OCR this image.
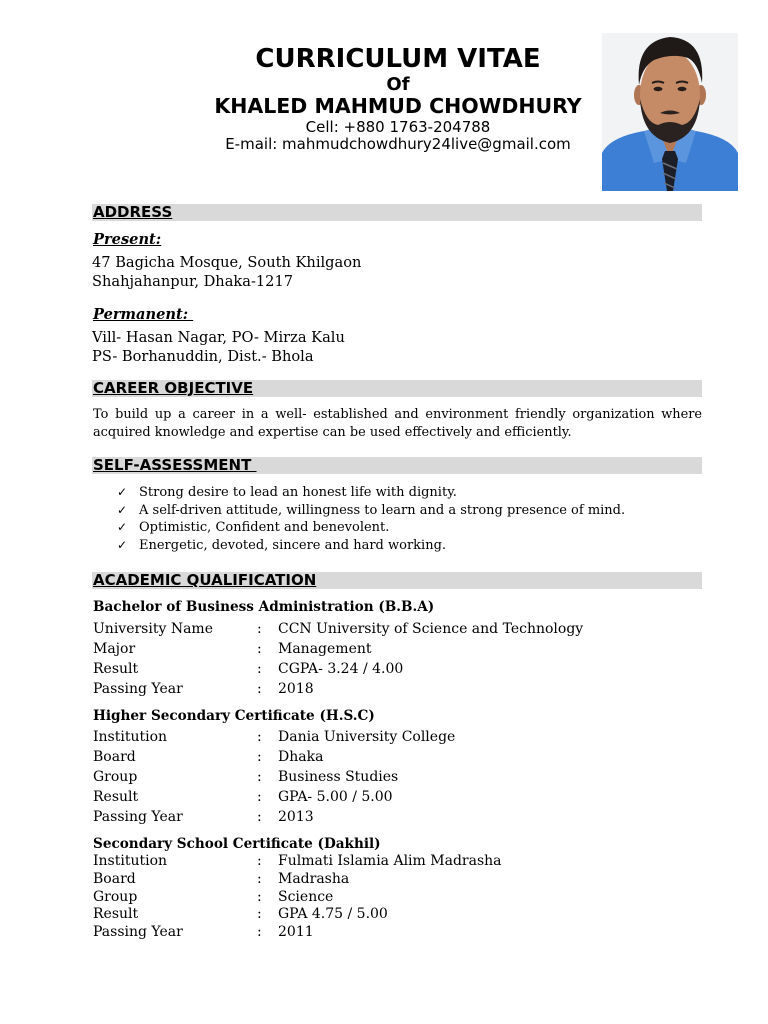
CURRICULUM VITAE
Of
KHALED MAHMUD CHOWDHURY
Cell: +880 1763-204788
E-mail: mahmudchowdhury24live@gmail.com
ADDRESS
Present:
47 Bagicha Mosque, South Khilgaon
Shahjahanpur, Dhaka-1217
Permanent:
Vill- Hasan Nagar, PO- Mirza Kalu
PS- Borhanuddin, Dist.- Bhola
CAREER OBJECTIVE
To build up a career in a well- established and environment friendly organization where
acquired knowledge and expertise can be used effectively and efficiently.
SELF-ASSESSMENT
✓ Strong desire to lead an honest life with dignity.
✓ A self-driven attitude, willingness to learn and a strong presence of mind.
✓ Optimistic, Confident and benevolent.
✓ Energetic, devoted, sincere and hard working.
ACADEMIC QUALIFICATION
Bachelor of Business Administration (B.B.A)
University Name	:	CCN University of Science and Technology
Major	:	Management
Result	:	CGPA- 3.24 / 4.00
Passing Year	:	2018
Higher Secondary Certificate (H.S.C)
Institution	:	Dania University College
Board	:	Dhaka
Group	:	Business Studies
Result	:	GPA- 5.00 / 5.00
Passing Year	:	2013
Secondary School Certificate (Dakhil)
Institution	:	Fulmati Islamia Alim Madrasha
Board	:	Madrasha
Group	:	Science
Result	:	GPA 4.75 / 5.00
Passing Year	:	2011
